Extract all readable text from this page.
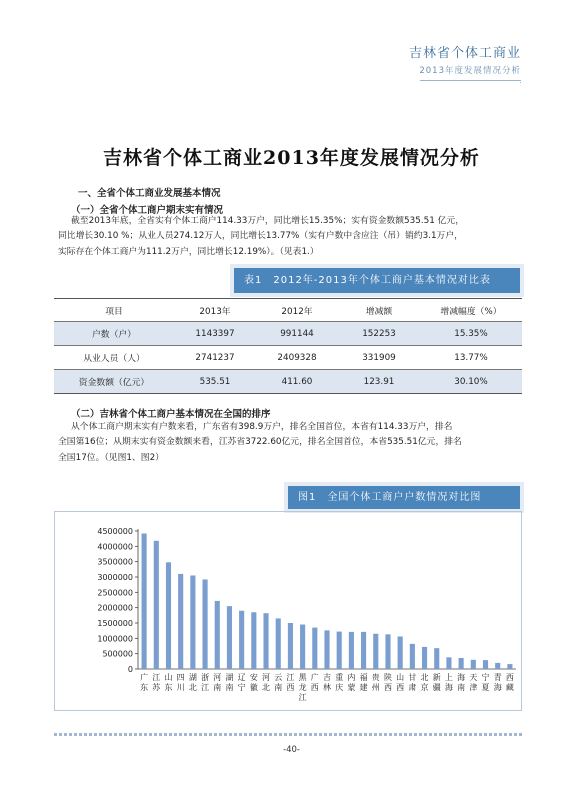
吉林省个体工商业
2013年度发展情况分析
吉林省个体工商业2013年度发展情况分析
一、全省个体工商业发展基本情况
（一）全省个体工商户期末实有情况
截至2013年底，全省实有个体工商户114.33万户，同比增长15.35%；实有资金数额535.51 亿元，
同比增长30.10 %；从业人员274.12万人，同比增长13.77%（实有户数中含应注（吊）销约3.1万户，
实际存在个体工商户为111.2万户，同比增长12.19%）。（见表1.）
表1　2012年-2013年个体工商户基本情况对比表
项目	2013年	2012年	增减额	增减幅度（%）
户数（户）	1143397	991144	152253	15.35%
从业人员（人）	2741237	2409328	331909	13.77%
资金数额（亿元）	535.51	411.60	123.91	30.10%
（二）吉林省个体工商户基本情况在全国的排序
从个体工商户期末实有户数来看，广东省有398.9万户，排名全国首位，本省有114.33万户，排名
全国第16位；从期末实有资金数额来看，江苏省3722.60亿元，排名全国首位，本省535.51亿元，排名
全国17位。（见图1、图2）
图1　全国个体工商户户数情况对比图
0
500000
1000000
1500000
2000000
2500000
3000000
3500000
4000000
4500000
广东
江苏
山东
四川
湖北
浙江
河南
湖南
辽宁
安徽
河北
云南
江西
黑龙江
广西
吉林
重庆
内蒙
福建
贵州
陕西
山西
甘肃
北京
新疆
上海
海南
天津
宁夏
青海
西藏
-40-
